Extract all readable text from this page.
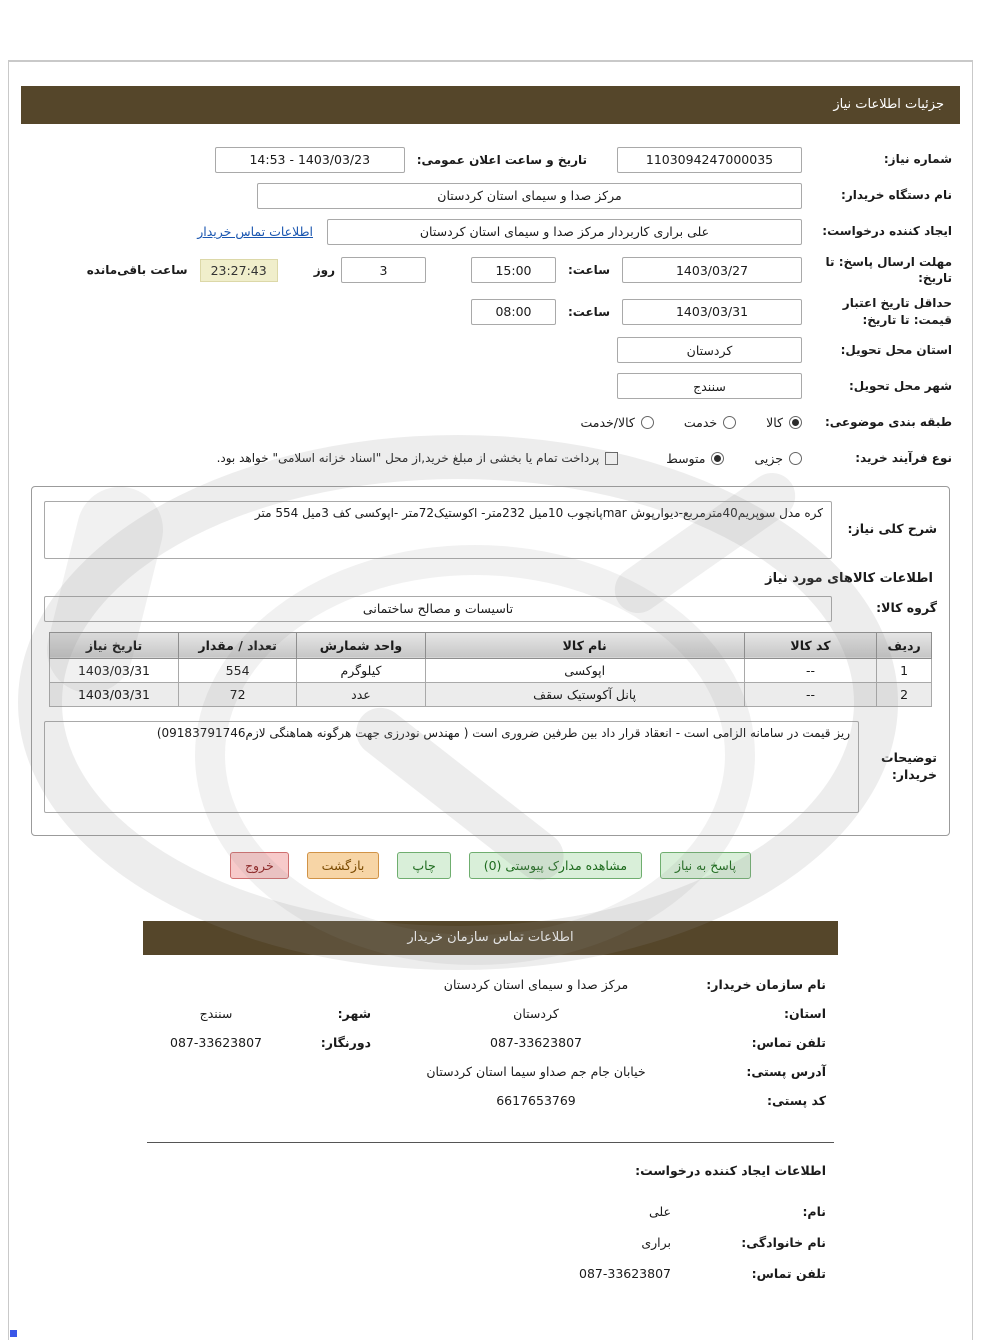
جزئیات اطلاعات نیاز
شماره نیاز:
1103094247000035
تاریخ و ساعت اعلان عمومی:
1403/03/23 - 14:53
نام دستگاه خریدار:
مرکز صدا و سیمای استان کردستان
ایجاد کننده درخواست:
علی براری کاربردار مرکز صدا و سیمای استان کردستان
اطلاعات تماس خریدار
مهلت ارسال پاسخ: تا تاریخ:
1403/03/27
ساعت:
15:00
3
روز
23:27:43
ساعت باقی‌مانده
حداقل تاریخ اعتبار قیمت: تا تاریخ:
1403/03/31
ساعت:
08:00
استان محل تحویل:
کردستان
شهر محل تحویل:
سنندج
طبقه بندی موضوعی:
کالا
خدمت
کالا/خدمت
نوع فرآیند خرید:
جزیی
متوسط
پرداخت تمام یا بخشی از مبلغ خرید,از محل "اسناد خزانه اسلامی" خواهد بود.
شرح کلی نیاز:
کره مدل سوپریم40مترمربع-دیوارپوش marپانچوب 10میل 232متر- اکوستیک72متر -اپوکسی کف 3میل 554 متر
اطلاعات کالاهای مورد نیاز
گروه کالا:
تاسیسات و مصالح ساختمانی
ردیف	کد کالا	نام کالا	واحد شمارش	تعداد / مقدار	تاریخ نیاز
1	--	اپوکسی	کیلوگرم	554	1403/03/31
2	--	پانل آکوستیک سقف	عدد	72	1403/03/31
توضیحات خریدار:
ریز قیمت در سامانه الزامی است - انعقاد قرار داد بین طرفین ضروری است ( مهندس نودرزی جهت هرگونه هماهنگی لازم09183791746)
پاسخ به نیاز
مشاهده مدارک پیوستی (0)
چاپ
بازگشت
خروج
اطلاعات تماس سازمان خریدار
نام سازمان خریدار:
مرکز صدا و سیمای استان کردستان
استان:
کردستان
شهر:
سنندج
تلفن تماس:
087-33623807
دورنگار:
087-33623807
آدرس پستی:
خیابان جام جم صداو سیما استان کردستان
کد پستی:
6617653769
اطلاعات ایجاد کننده درخواست:
نام:
علی
نام خانوادگی:
براری
تلفن تماس:
087-33623807
